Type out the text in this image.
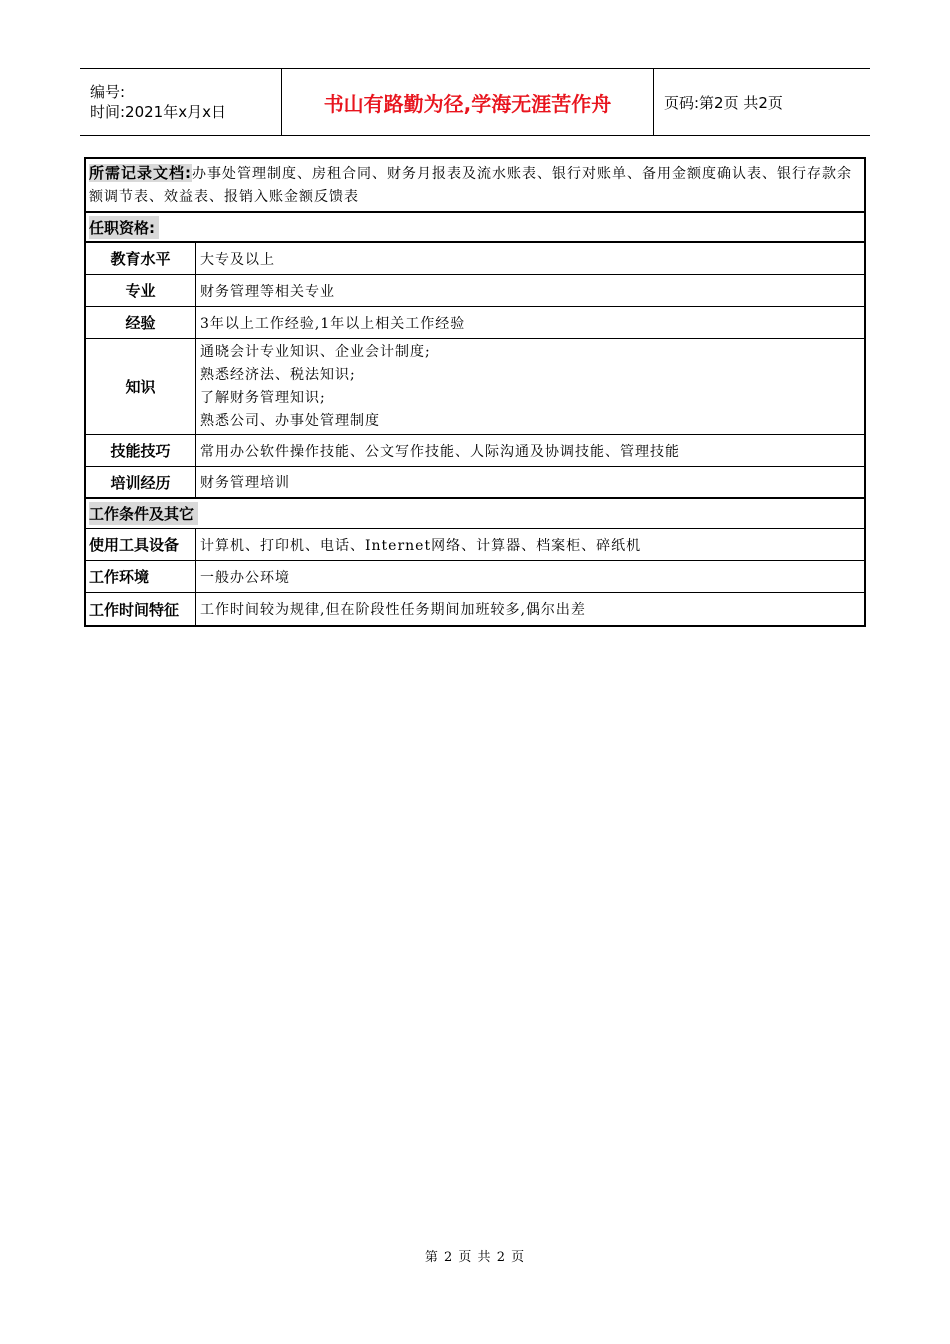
编号:
时间:2021年x月x日	书山有路勤为径,学海无涯苦作舟	页码:第2页 共2页
所需记录文档:办事处管理制度、房租合同、财务月报表及流水账表、银行对账单、备用金额度确认表、银行存款余额调节表、效益表、报销入账金额反馈表
任职资格:
教育水平	大专及以上
专业	财务管理等相关专业
经验	3年以上工作经验,1年以上相关工作经验
知识
通晓会计专业知识、企业会计制度;
熟悉经济法、税法知识;
了解财务管理知识;
熟悉公司、办事处管理制度
技能技巧	常用办公软件操作技能、公文写作技能、人际沟通及协调技能、管理技能
培训经历	财务管理培训
工作条件及其它
使用工具设备	计算机、打印机、电话、Internet网络、计算器、档案柜、碎纸机
工作环境	一般办公环境
工作时间特征	工作时间较为规律,但在阶段性任务期间加班较多,偶尔出差
第 2 页 共 2 页
